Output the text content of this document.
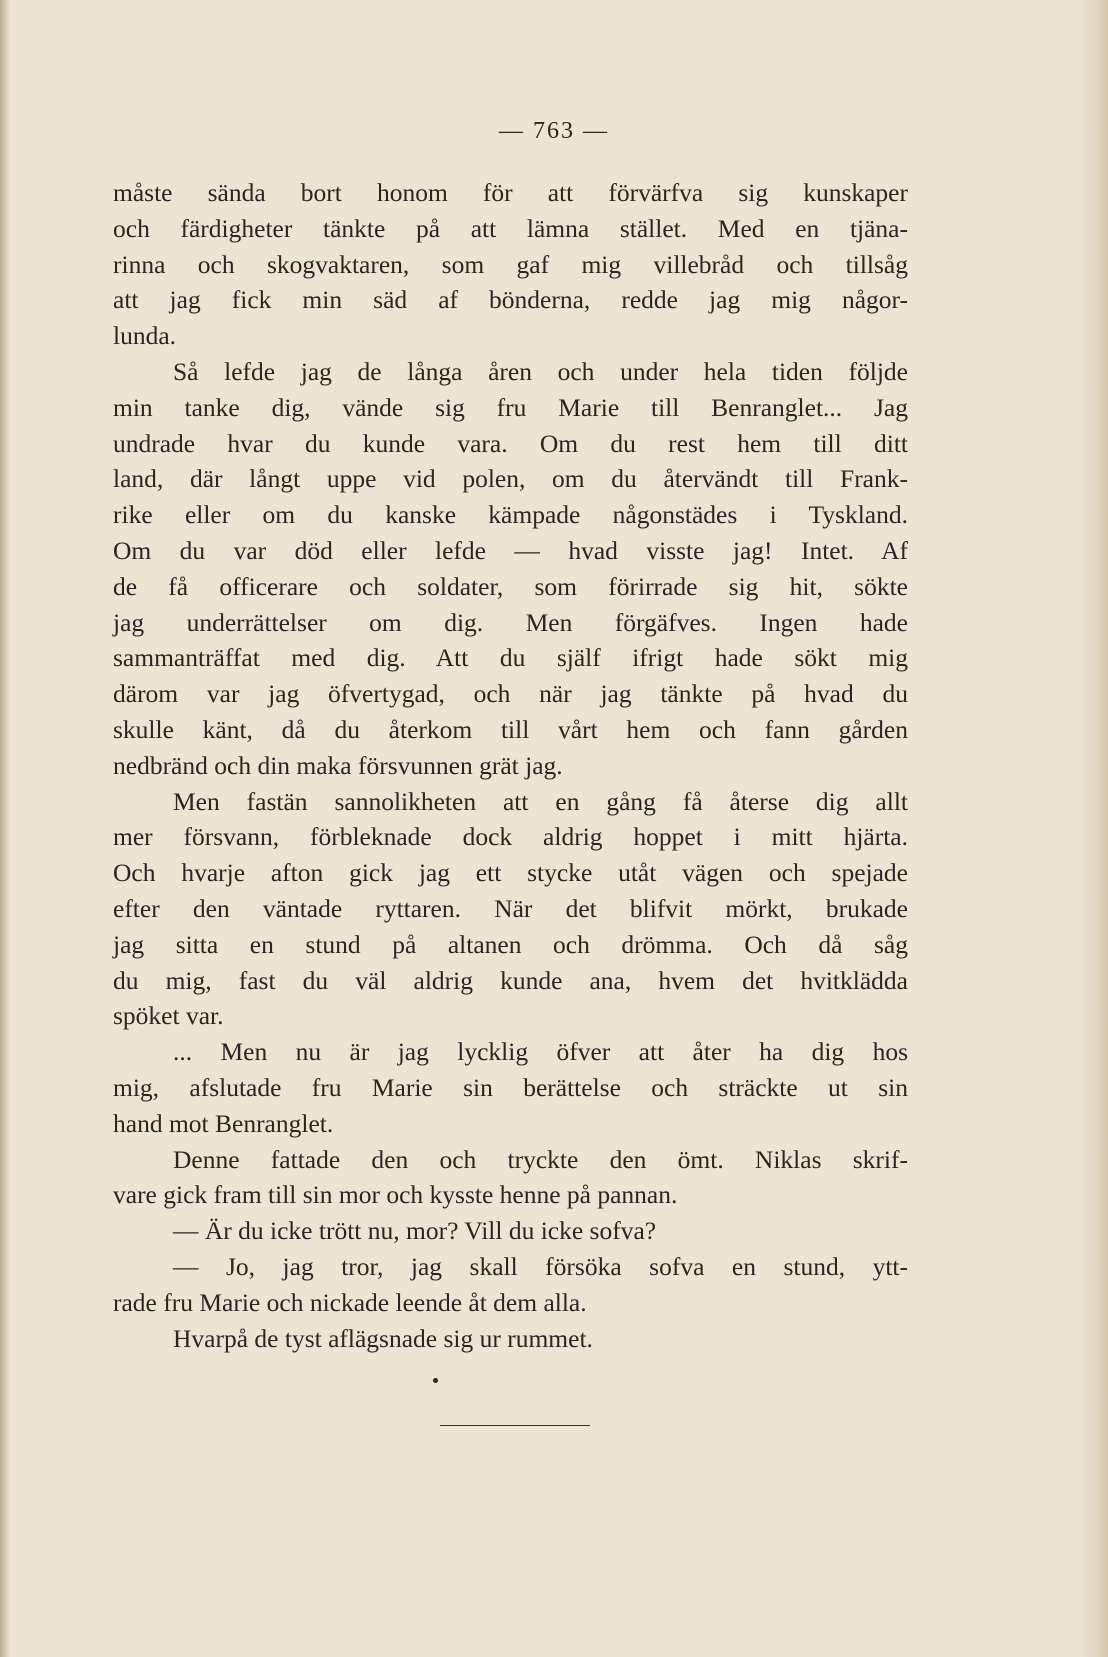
— 763 —
måste sända bort honom för att förvärfva sig kunskaper
och färdigheter tänkte på att lämna stället. Med en tjäna-
rinna och skogvaktaren, som gaf mig villebråd och tillsåg
att jag fick min säd af bönderna, redde jag mig någor-
lunda.
Så lefde jag de långa åren och under hela tiden följde
min tanke dig, vände sig fru Marie till Benranglet... Jag
undrade hvar du kunde vara. Om du rest hem till ditt
land, där långt uppe vid polen, om du återvändt till Frank-
rike eller om du kanske kämpade någonstädes i Tyskland.
Om du var död eller lefde — hvad visste jag! Intet. Af
de få officerare och soldater, som förirrade sig hit, sökte
jag underrättelser om dig. Men förgäfves. Ingen hade
sammanträffat med dig. Att du själf ifrigt hade sökt mig
därom var jag öfvertygad, och när jag tänkte på hvad du
skulle känt, då du återkom till vårt hem och fann gården
nedbränd och din maka försvunnen grät jag.
Men fastän sannolikheten att en gång få återse dig allt
mer försvann, förbleknade dock aldrig hoppet i mitt hjärta.
Och hvarje afton gick jag ett stycke utåt vägen och spejade
efter den väntade ryttaren. När det blifvit mörkt, brukade
jag sitta en stund på altanen och drömma. Och då såg
du mig, fast du väl aldrig kunde ana, hvem det hvitklädda
spöket var.
... Men nu är jag lycklig öfver att åter ha dig hos
mig, afslutade fru Marie sin berättelse och sträckte ut sin
hand mot Benranglet.
Denne fattade den och tryckte den ömt. Niklas skrif-
vare gick fram till sin mor och kysste henne på pannan.
— Är du icke trött nu, mor? Vill du icke sofva?
— Jo, jag tror, jag skall försöka sofva en stund, ytt-
rade fru Marie och nickade leende åt dem alla.
Hvarpå de tyst aflägsnade sig ur rummet.
